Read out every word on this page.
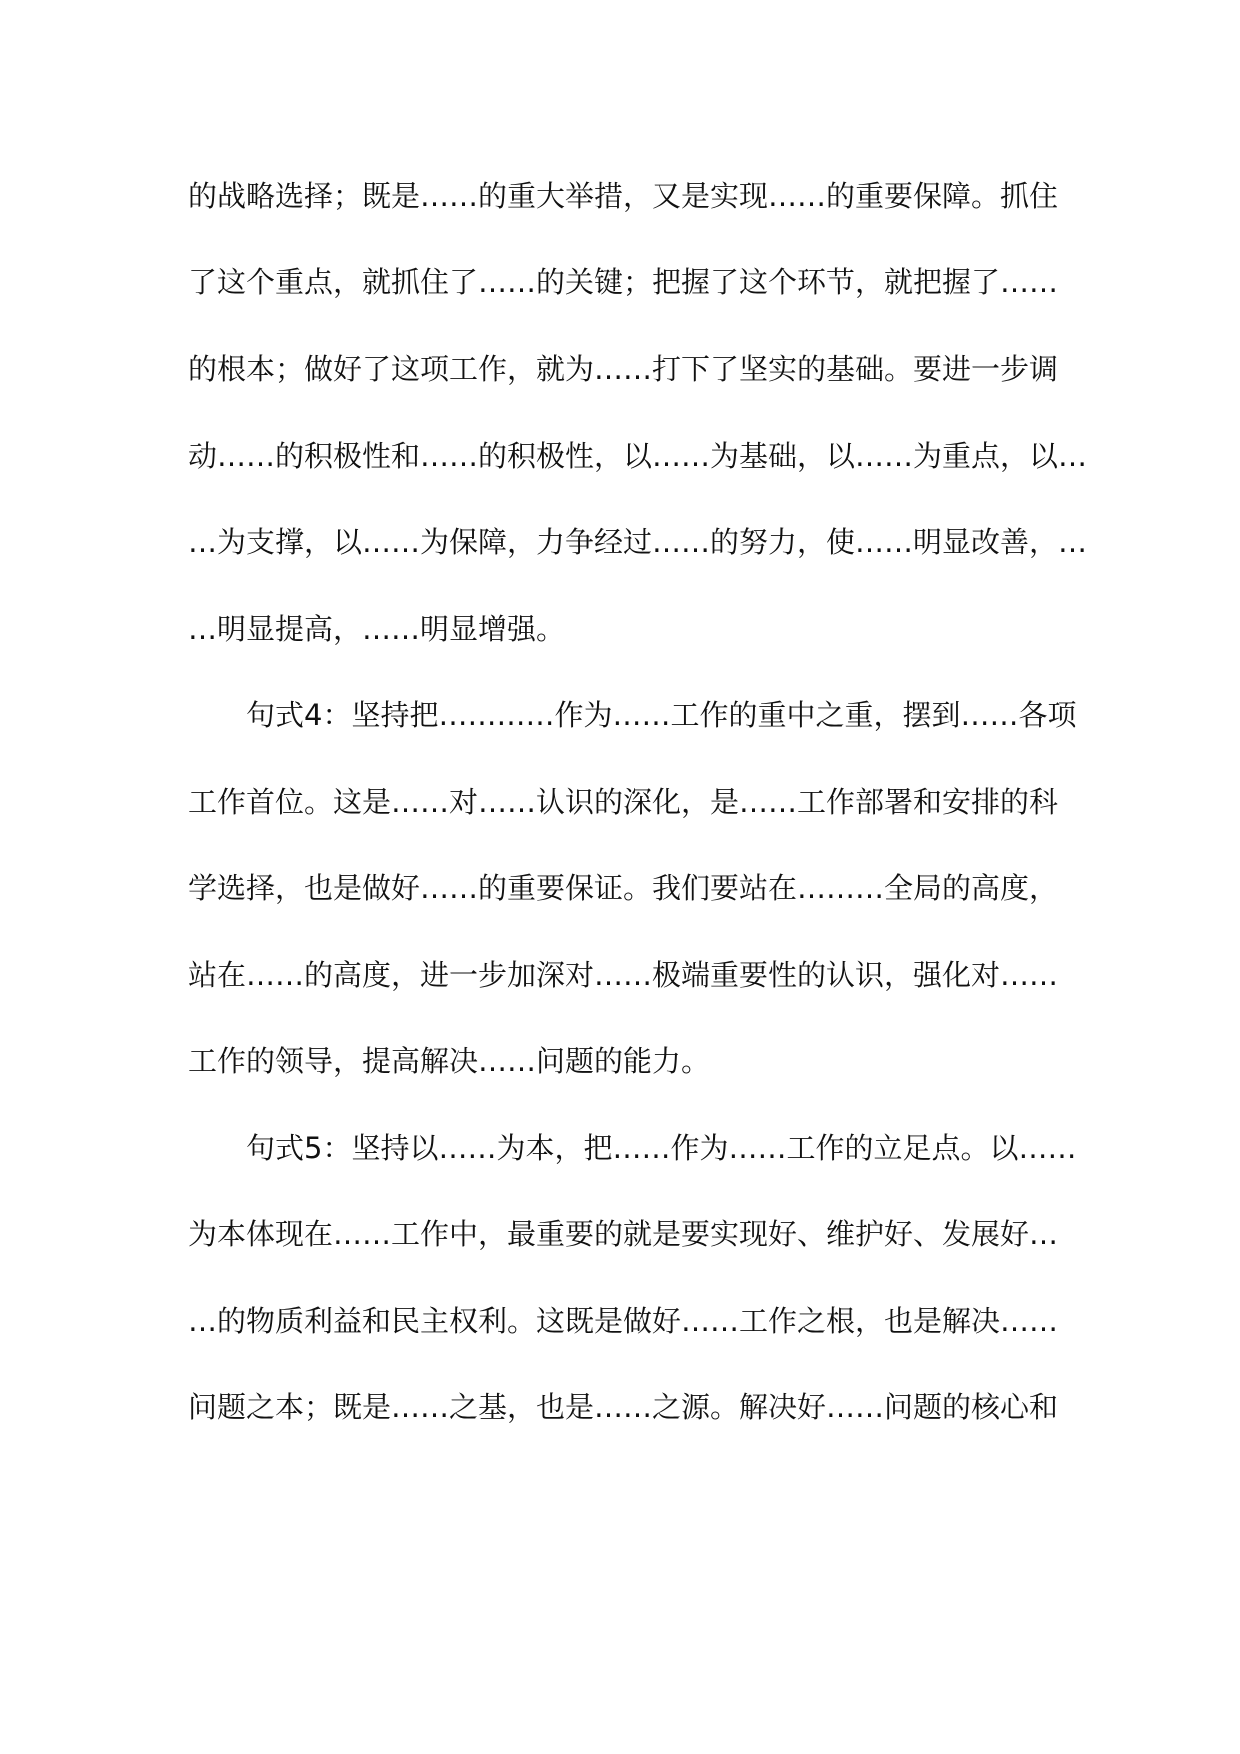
的战略选择；既是……的重大举措，又是实现……的重要保障。抓住
了这个重点，就抓住了……的关键；把握了这个环节，就把握了……
的根本；做好了这项工作，就为……打下了坚实的基础。要进一步调
动……的积极性和……的积极性，以……为基础，以……为重点，以…
…为支撑，以……为保障，力争经过……的努力，使……明显改善，…
…明显提高，……明显增强。
句式4：坚持把…………作为……工作的重中之重，摆到……各项
工作首位。这是……对……认识的深化，是……工作部署和安排的科
学选择，也是做好……的重要保证。我们要站在………全局的高度，
站在……的高度，进一步加深对……极端重要性的认识，强化对……
工作的领导，提高解决……问题的能力。
句式5：坚持以……为本，把……作为……工作的立足点。以……
为本体现在……工作中，最重要的就是要实现好、维护好、发展好…
…的物质利益和民主权利。这既是做好……工作之根，也是解决……
问题之本；既是……之基，也是……之源。解决好……问题的核心和
